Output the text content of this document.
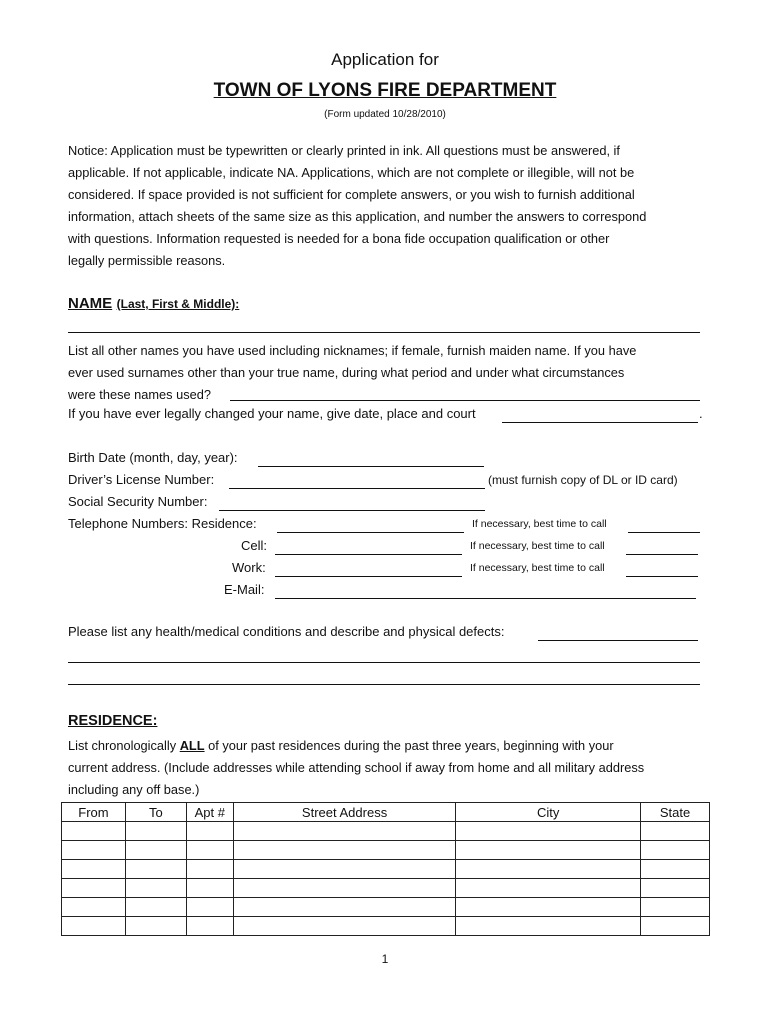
Application for
TOWN OF LYONS FIRE DEPARTMENT
(Form updated 10/28/2010)
Notice: Application must be typewritten or clearly printed in ink. All questions must be answered, if
applicable. If not applicable, indicate NA. Applications, which are not complete or illegible, will not be
considered. If space provided is not sufficient for complete answers, or you wish to furnish additional
information, attach sheets of the same size as this application, and number the answers to correspond
with questions. Information requested is needed for a bona fide occupation qualification or other
legally permissible reasons.
NAME (Last, First & Middle):
List all other names you have used including nicknames; if female, furnish maiden name. If you have
ever used surnames other than your true name, during what period and under what circumstances
were these names used?
If you have ever legally changed your name, give date, place and court	.
Birth Date (month, day, year):
Driver’s License Number:	(must furnish copy of DL or ID card)
Social Security Number:
Telephone Numbers: Residence:	If necessary, best time to call
Cell:	If necessary, best time to call
Work:	If necessary, best time to call
E-Mail:
Please list any health/medical conditions and describe and physical defects:
RESIDENCE:
List chronologically ALL of your past residences during the past three years, beginning with your
current address. (Include addresses while attending school if away from home and all military address
including any off base.)
From	To	Apt #	Street Address	City	State

1
